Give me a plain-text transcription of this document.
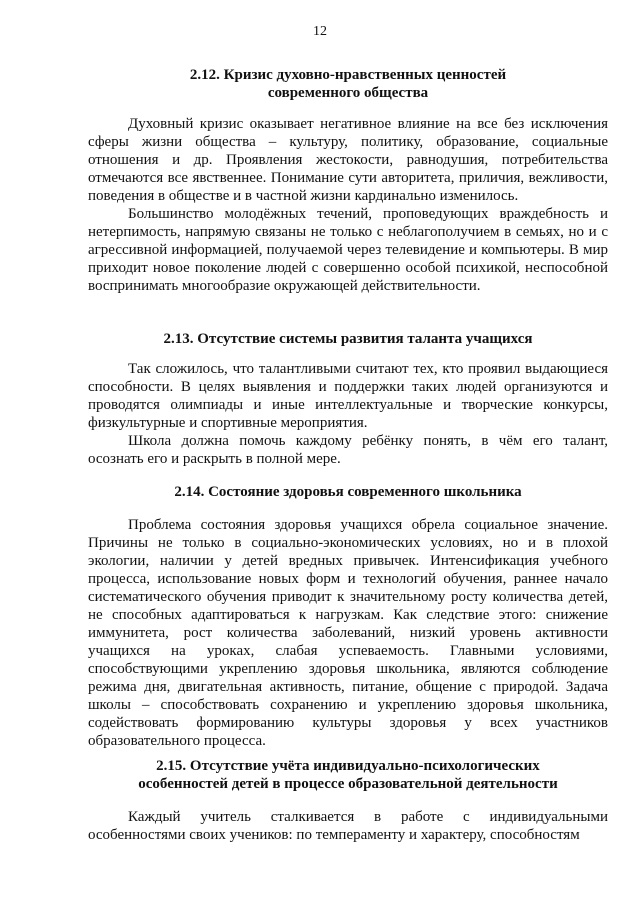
12
2.12. Кризис духовно-нравственных ценностей
современного общества

Духовный кризис оказывает негативное влияние на все без исключения сферы жизни общества – культуру, политику, образование, социальные отношения и др. Проявления жестокости, равнодушия, потребительства отмечаются все явственнее. Понимание сути авторитета, приличия, вежливости, поведения в обществе и в частной жизни кардинально изменилось.

Большинство молодёжных течений, проповедующих враждебность и нетерпимость, напрямую связаны не только с неблагополучием в семьях, но и с агрессивной информацией, получаемой через телевидение и компьютеры. В мир приходит новое поколение людей с совершенно особой психикой, неспособной воспринимать многообразие окружающей действительности.

2.13. Отсутствие системы развития таланта учащихся

Так сложилось, что талантливыми считают тех, кто проявил выдающиеся способности. В целях выявления и поддержки таких людей организуются и проводятся олимпиады и иные интеллектуальные и творческие конкурсы, физкультурные и спортивные мероприятия.

Школа должна помочь каждому ребёнку понять, в чём его талант, осознать его и раскрыть в полной мере.

2.14. Состояние здоровья современного школьника

Проблема состояния здоровья учащихся обрела социальное значение. Причины не только в социально-экономических условиях, но и в плохой экологии, наличии у детей вредных привычек. Интенсификация учебного процесса, использование новых форм и технологий обучения, раннее начало систематического обучения приводит к значительному росту количества детей, не способных адаптироваться к нагрузкам. Как следствие этого: снижение иммунитета, рост количества заболеваний, низкий уровень активности учащихся на уроках, слабая успеваемость. Главными условиями, способствующими укреплению здоровья школьника, являются соблюдение режима дня, двигательная активность, питание, общение с природой. Задача школы – способствовать сохранению и укреплению здоровья школьника, содействовать формированию культуры здоровья у всех участников образовательного процесса.

2.15. Отсутствие учёта индивидуально-психологических
особенностей детей в процессе образовательной деятельности

Каждый учитель сталкивается в работе с индивидуальными особенностями своих учеников: по темпераменту и характеру, способностям
